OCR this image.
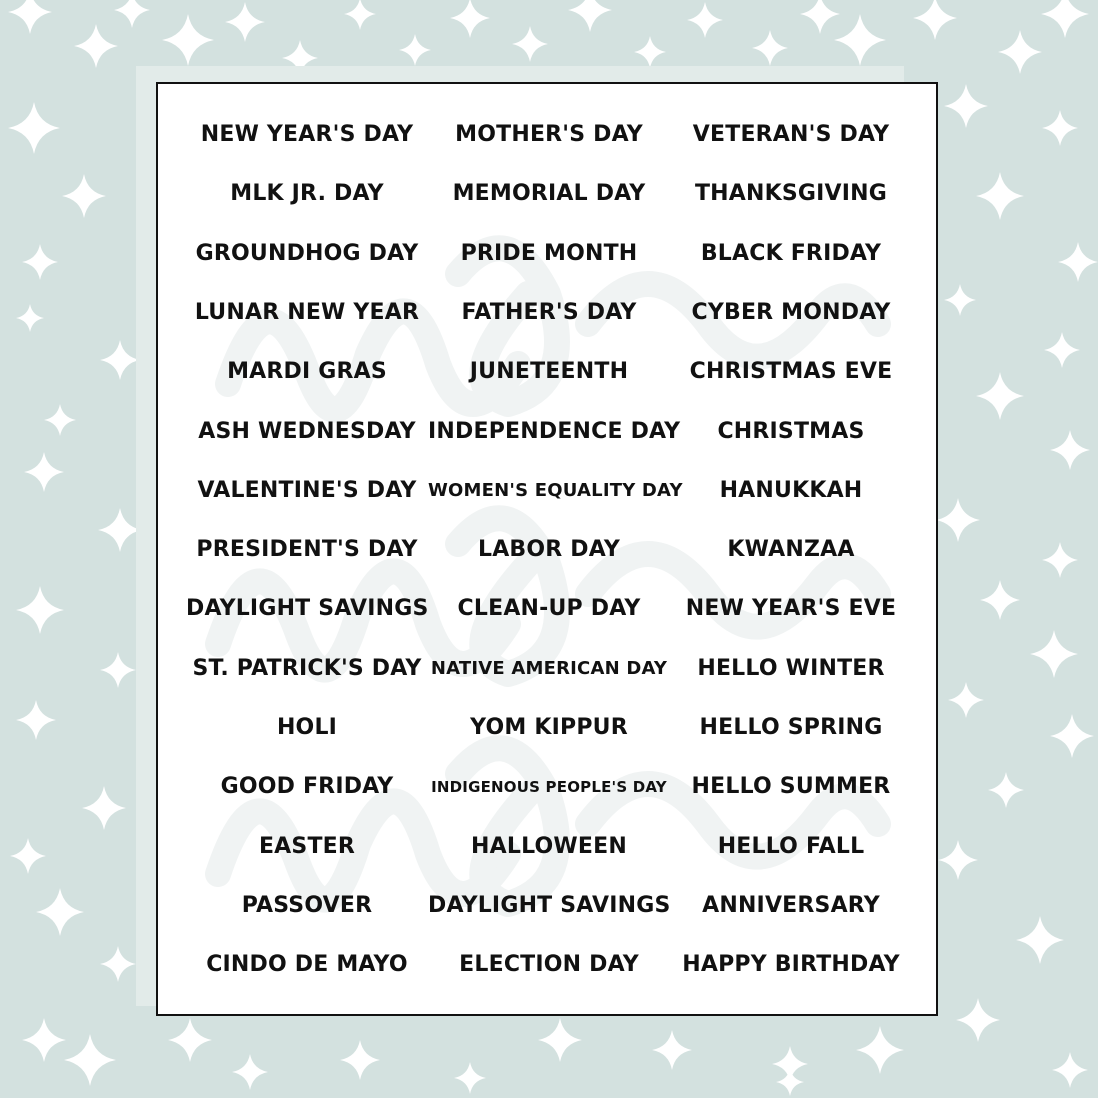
NEW YEAR'S DAY
MLK JR. DAY
GROUNDHOG DAY
LUNAR NEW YEAR
MARDI GRAS
ASH WEDNESDAY
VALENTINE'S DAY
PRESIDENT'S DAY
DAYLIGHT SAVINGS
ST. PATRICK'S DAY
HOLI
GOOD FRIDAY
EASTER
PASSOVER
CINDO DE MAYO
MOTHER'S DAY
MEMORIAL DAY
PRIDE MONTH
FATHER'S DAY
JUNETEENTH
INDEPENDENCE DAY
WOMEN'S EQUALITY DAY
LABOR DAY
CLEAN-UP DAY
NATIVE AMERICAN DAY
YOM KIPPUR
INDIGENOUS PEOPLE'S DAY
HALLOWEEN
DAYLIGHT SAVINGS
ELECTION DAY
VETERAN'S DAY
THANKSGIVING
BLACK FRIDAY
CYBER MONDAY
CHRISTMAS EVE
CHRISTMAS
HANUKKAH
KWANZAA
NEW YEAR'S EVE
HELLO WINTER
HELLO SPRING
HELLO SUMMER
HELLO FALL
ANNIVERSARY
HAPPY BIRTHDAY
